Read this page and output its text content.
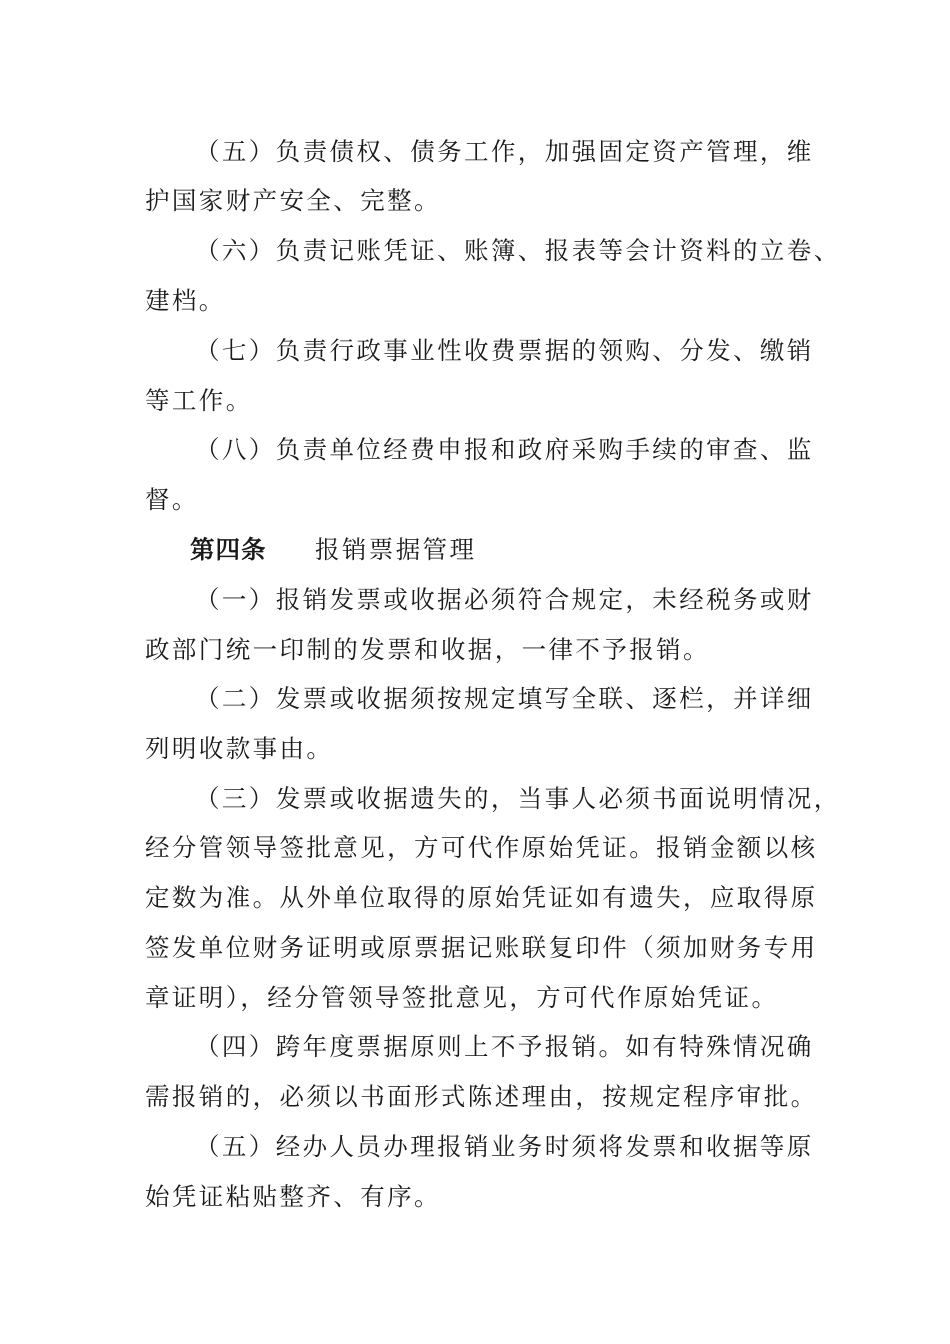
（五）负责债权、债务工作，加强固定资产管理，维
护国家财产安全、完整。
（六）负责记账凭证、账簿、报表等会计资料的立卷、
建档。
（七）负责行政事业性收费票据的领购、分发、缴销
等工作。
（八）负责单位经费申报和政府采购手续的审查、监
督。
第四条 报销票据管理
（一）报销发票或收据必须符合规定，未经税务或财
政部门统一印制的发票和收据，一律不予报销。
（二）发票或收据须按规定填写全联、逐栏，并详细
列明收款事由。
（三）发票或收据遗失的，当事人必须书面说明情况，
经分管领导签批意见，方可代作原始凭证。报销金额以核
定数为准。从外单位取得的原始凭证如有遗失，应取得原
签发单位财务证明或原票据记账联复印件（须加财务专用
章证明），经分管领导签批意见，方可代作原始凭证。
（四）跨年度票据原则上不予报销。如有特殊情况确
需报销的，必须以书面形式陈述理由，按规定程序审批。
（五）经办人员办理报销业务时须将发票和收据等原
始凭证粘贴整齐、有序。
